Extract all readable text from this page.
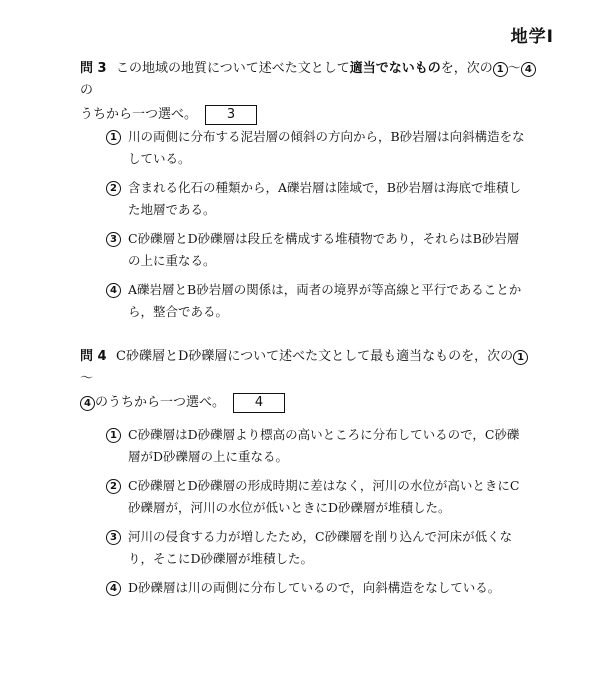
地学Ⅰ
問 3 この地域の地質について述べた文として適当でないものを，次の 1 ～ 4の
うちから一つ選べ。 3
1 川の両側に分布する泥岩層の傾斜の方向から，B砂岩層は向斜構造をなしている。
2 含まれる化石の種類から，A礫岩層は陸域で，B砂岩層は海底で堆積した地層である。
3 C砂礫層とD砂礫層は段丘を構成する堆積物であり，それらはB砂岩層の上に重なる。
4 A礫岩層とB砂岩層の関係は，両者の境界が等高線と平行であることから，整合である。
問 4 C砂礫層とD砂礫層について述べた文として最も適当なものを，次の 1～
4 のうちから一つ選べ。 4
1 C砂礫層はD砂礫層より標高の高いところに分布しているので，C砂礫層がD砂礫層の上に重なる。
2 C砂礫層とD砂礫層の形成時期に差はなく，河川の水位が高いときにC砂礫層が，河川の水位が低いときにD砂礫層が堆積した。
3 河川の侵食する力が増したため，C砂礫層を削り込んで河床が低くなり，そこにD砂礫層が堆積した。
4 D砂礫層は川の両側に分布しているので，向斜構造をなしている。
